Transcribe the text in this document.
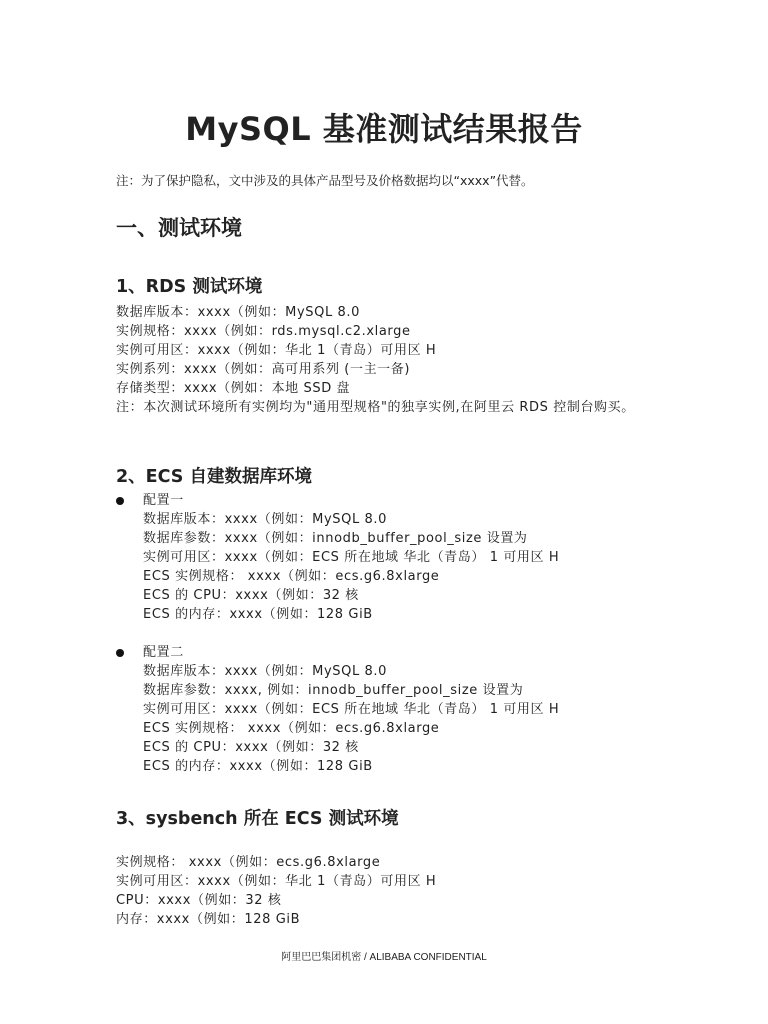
MySQL 基准测试结果报告

注：为了保护隐私，文中涉及的具体产品型号及价格数据均以“xxxx”代替。

一、测试环境
1、RDS 测试环境
数据库版本：xxxx（例如：MySQL 8.0
实例规格：xxxx（例如：rds.mysql.c2.xlarge
实例可用区：xxxx（例如：华北 1（青岛）可用区 H
实例系列：xxxx（例如：高可用系列 (一主一备)
存储类型：xxxx（例如：本地 SSD 盘
注：本次测试环境所有实例均为"通用型规格"的独享实例,在阿里云 RDS 控制台购买。
2、ECS 自建数据库环境
配置一
数据库版本：xxxx（例如：MySQL 8.0
数据库参数：xxxx（例如：innodb_buffer_pool_size 设置为
实例可用区：xxxx（例如：ECS 所在地域 华北（青岛） 1 可用区 H
ECS 实例规格： xxxx（例如：ecs.g6.8xlarge
ECS 的 CPU：xxxx（例如：32 核
ECS 的内存：xxxx（例如：128 GiB
配置二
数据库版本：xxxx（例如：MySQL 8.0
数据库参数：xxxx, 例如：innodb_buffer_pool_size 设置为
实例可用区：xxxx（例如：ECS 所在地域 华北（青岛） 1 可用区 H
ECS 实例规格： xxxx（例如：ecs.g6.8xlarge
ECS 的 CPU：xxxx（例如：32 核
ECS 的内存：xxxx（例如：128 GiB
3、sysbench 所在 ECS 测试环境
实例规格： xxxx（例如：ecs.g6.8xlarge
实例可用区：xxxx（例如：华北 1（青岛）可用区 H
CPU：xxxx（例如：32 核
内存：xxxx（例如：128 GiB
阿里巴巴集团机密 / ALIBABA CONFIDENTIAL
